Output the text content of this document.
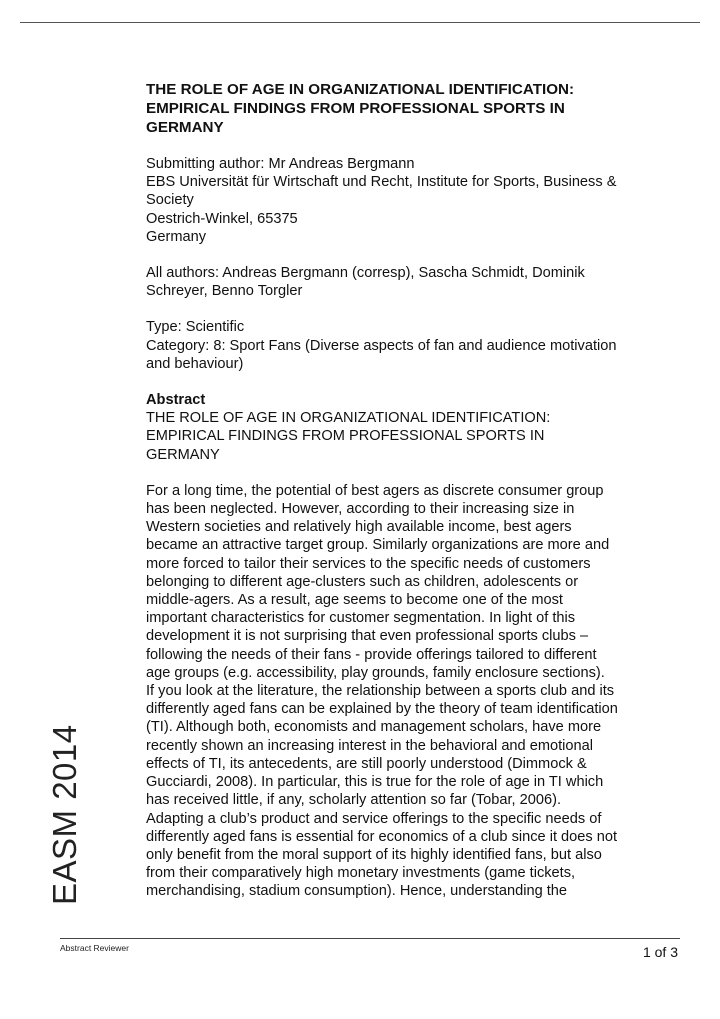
THE ROLE OF AGE IN ORGANIZATIONAL IDENTIFICATION:
EMPIRICAL FINDINGS FROM PROFESSIONAL SPORTS IN
GERMANY
Submitting author: Mr Andreas Bergmann
EBS Universität für Wirtschaft und Recht, Institute for Sports, Business &
Society
Oestrich-Winkel, 65375
Germany
All authors: Andreas Bergmann (corresp), Sascha Schmidt, Dominik
Schreyer, Benno Torgler
Type: Scientific
Category: 8: Sport Fans (Diverse aspects of fan and audience motivation
and behaviour)
Abstract
THE ROLE OF AGE IN ORGANIZATIONAL IDENTIFICATION:
EMPIRICAL FINDINGS FROM PROFESSIONAL SPORTS IN
GERMANY
For a long time, the potential of best agers as discrete consumer group
has been neglected. However, according to their increasing size in
Western societies and relatively high available income, best agers
became an attractive target group. Similarly organizations are more and
more forced to tailor their services to the specific needs of customers
belonging to different age-clusters such as children, adolescents or
middle-agers. As a result, age seems to become one of the most
important characteristics for customer segmentation. In light of this
development it is not surprising that even professional sports clubs –
following the needs of their fans - provide offerings tailored to different
age groups (e.g. accessibility, play grounds, family enclosure sections).
If you look at the literature, the relationship between a sports club and its
differently aged fans can be explained by the theory of team identification
(TI). Although both, economists and management scholars, have more
recently shown an increasing interest in the behavioral and emotional
effects of TI, its antecedents, are still poorly understood (Dimmock &
Gucciardi, 2008). In particular, this is true for the role of age in TI which
has received little, if any, scholarly attention so far (Tobar, 2006).
Adapting a club’s product and service offerings to the specific needs of
differently aged fans is essential for economics of a club since it does not
only benefit from the moral support of its highly identified fans, but also
from their comparatively high monetary investments (game tickets,
merchandising, stadium consumption). Hence, understanding the
EASM 2014
Abstract Reviewer	1 of 3
